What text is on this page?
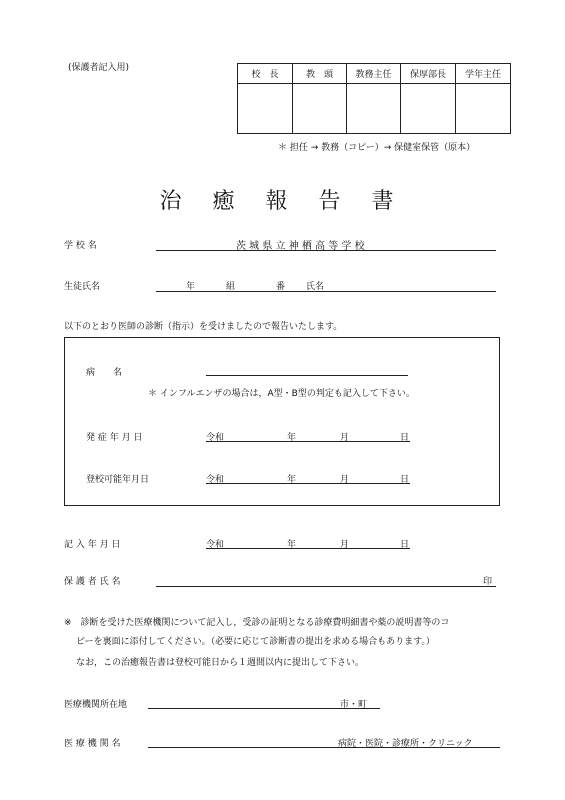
(保護者記入用)
校　長	教　頭	教務主任	保厚部長	学年主任

＊ 担任 → 教務（コピー）→ 保健室保管（原本）
治 癒 報 告 書
学 校 名	茨 城 県 立 神 栖 高 等 学 校
生徒氏名	年	組	番 氏名
以下のとおり医師の診断（指示）を受けましたので報告いたします。
病　　名
＊ インフルエンザの場合は，A型・B型の判定も記入して下さい。
発 症 年 月 日	令和	年	月	日
登校可能年月日	令和	年	月	日
記 入 年 月 日	令和	年	月	日
保 護 者 氏 名	印
※　診断を受けた医療機関について記入し，受診の証明となる診療費明細書や薬の説明書等のコ
ピーを裏面に添付してください。（必要に応じて診断書の提出を求める場合もあります。）
なお，この治癒報告書は登校可能日から１週間以内に提出して下さい。
医療機関所在地	市・町
医 療 機 関 名	病院・医院・診療所・クリニック
